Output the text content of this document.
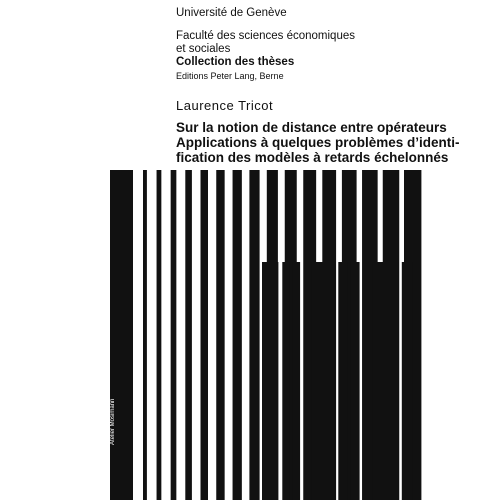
Université de Genève
Faculté des sciences économiques
et sociales
Collection des thèses
Editions Peter Lang, Berne
Laurence Tricot
Sur la notion de distance entre opérateurs
Applications à quelques problèmes d’identi-
fication des modèles à retards échelonnés
Atelier Mosimann
